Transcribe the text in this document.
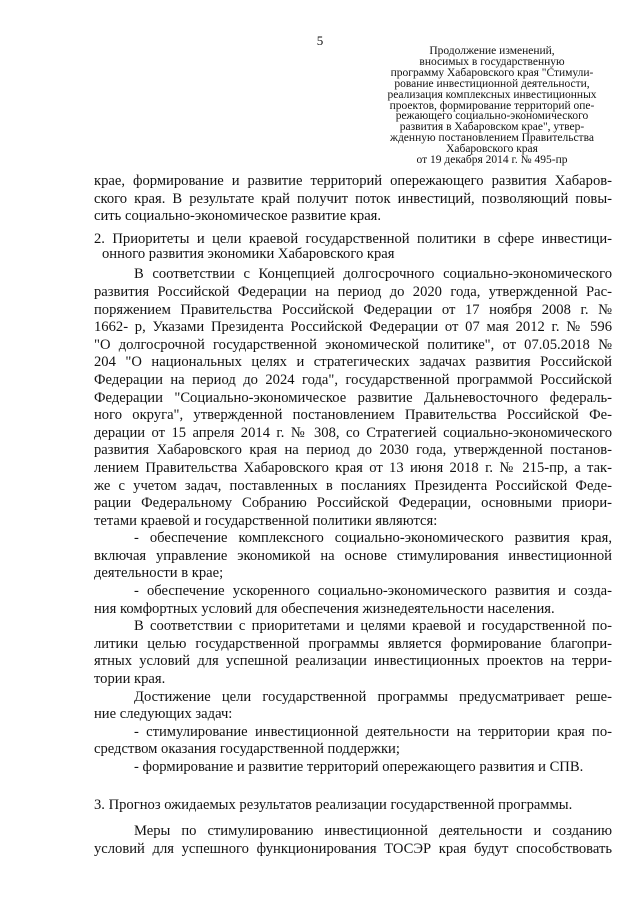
5
Продолжение изменений,
вносимых в государственную
программу Хабаровского края "Стимули-
рование инвестиционной деятельности,
реализация комплексных инвестиционных
проектов, формирование территорий опе-
режающего социально-экономического
развития в Хабаровском крае", утвер-
жденную постановлением Правительства
Хабаровского края
от 19 декабря 2014 г. № 495-пр
крае, формирование и развитие территорий опережающего развития Хабаров-
ского края. В результате край получит поток инвестиций, позволяющий повы-
сить социально-экономическое развитие края.
2. Приоритеты и цели краевой государственной политики в сфере инвестици-
онного развития экономики Хабаровского края
В соответствии с Концепцией долгосрочного социально-экономического
развития Российской Федерации на период до 2020 года, утвержденной Рас-
поряжением Правительства Российской Федерации от 17 ноября 2008 г. №
1662- р, Указами Президента Российской Федерации от 07 мая 2012 г. № 596
"О долгосрочной государственной экономической политике", от 07.05.2018 №
204 "О национальных целях и стратегических задачах развития Российской
Федерации на период до 2024 года", государственной программой Российской
Федерации "Социально-экономическое развитие Дальневосточного федераль-
ного округа", утвержденной постановлением Правительства Российской Фе-
дерации от 15 апреля 2014 г. № 308, со Стратегией социально-экономического
развития Хабаровского края на период до 2030 года, утвержденной постанов-
лением Правительства Хабаровского края от 13 июня 2018 г. № 215-пр, а так-
же с учетом задач, поставленных в посланиях Президента Российской Феде-
рации Федеральному Собранию Российской Федерации, основными приори-
тетами краевой и государственной политики являются:
- обеспечение комплексного социально-экономического развития края,
включая управление экономикой на основе стимулирования инвестиционной
деятельности в крае;
- обеспечение ускоренного социально-экономического развития и созда-
ния комфортных условий для обеспечения жизнедеятельности населения.
В соответствии с приоритетами и целями краевой и государственной по-
литики целью государственной программы является формирование благопри-
ятных условий для успешной реализации инвестиционных проектов на терри-
тории края.
Достижение цели государственной программы предусматривает реше-
ние следующих задач:
- стимулирование инвестиционной деятельности на территории края по-
средством оказания государственной поддержки;
- формирование и развитие территорий опережающего развития и СПВ.
3. Прогноз ожидаемых результатов реализации государственной программы.
Меры по стимулированию инвестиционной деятельности и созданию
условий для успешного функционирования ТОСЭР края будут способствовать
